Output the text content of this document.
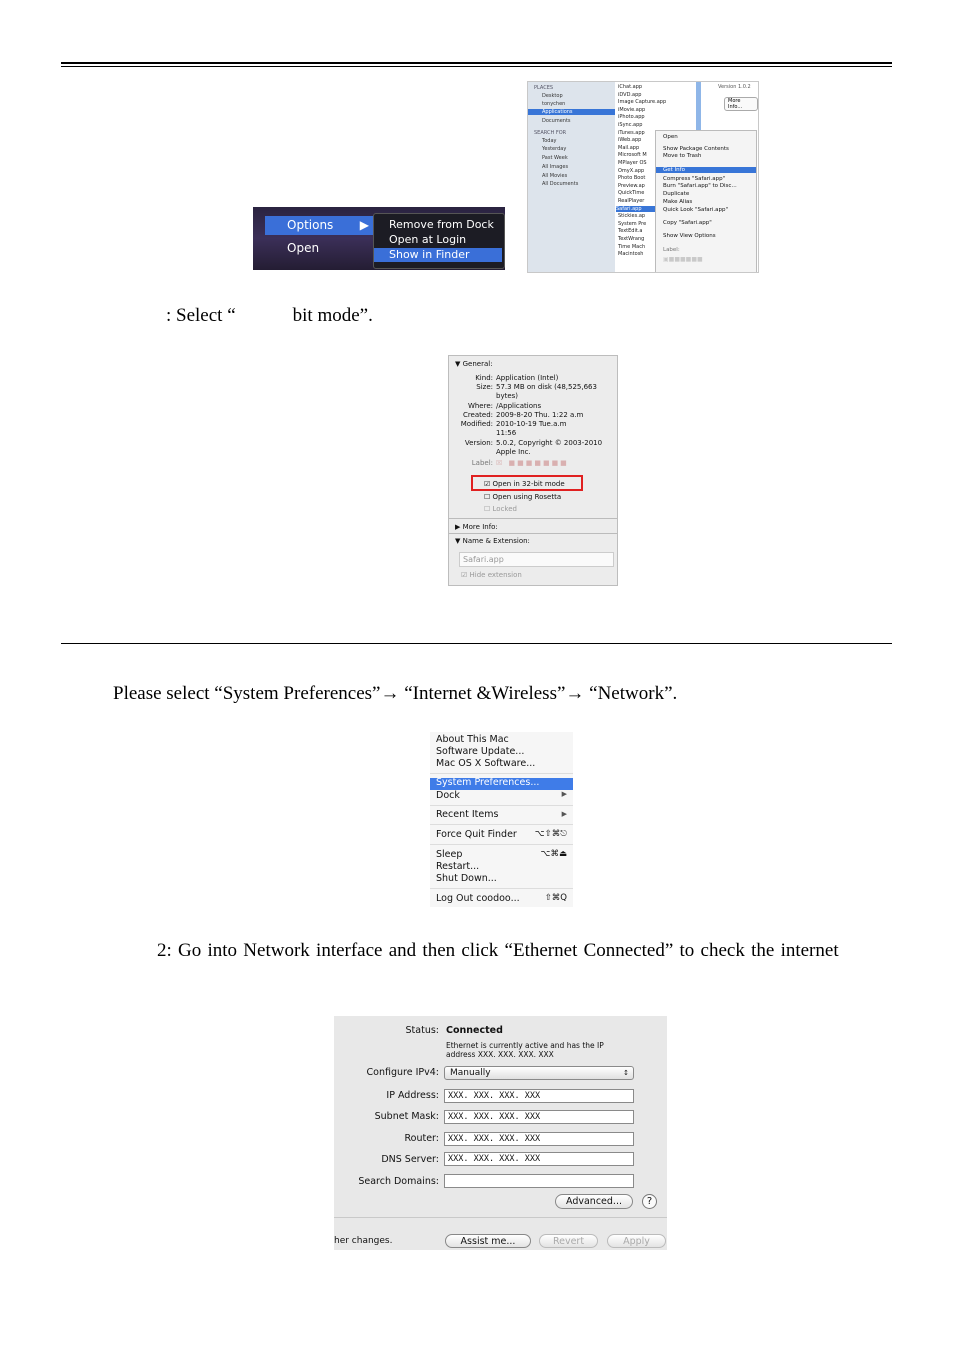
Options ▶
Open
Remove from Dock
Open at Login
Show in Finder
PLACES
Desktop
tonychen
Applications
Documents
SEARCH FOR
Today
Yesterday
Past Week
All Images
All Movies
All Documents
iChat.app
iDVD.app
Image Capture.app
iMovie.app
iPhoto.app
iSync.app
iTunes.app
iWeb.app
Mail.app
Microsoft M
MPlayer OS
OmyX.app
Photo Boot
Preview.ap
QuickTime
RealPlayer
Safari.app
Stickies.ap
System Pre
TextEdit.a
TextWrang
Time Mach
Macintosh
Version 1.0.2
More Info...
Open
Show Package Contents
Move to Trash
Get Info
Compress "Safari.app"
Burn "Safari.app" to Disc...
Duplicate
Make Alias
Quick Look "Safari.app"
Copy "Safari.app"
Show View Options
Label:
▣■■■■■■
: Select “            bit mode”.
▼ General:
Kind: Application (Intel)
Size: 57.3 MB on disk (48,525,663
bytes)
Where: /Applications
Created: 2009-8-20 Thu. 1:22 a.m
Modified: 2010-10-19 Tue.a.m
11:56
Version: 5.0.2, Copyright © 2003-2010
Apple Inc.
Label: ☒ ■■■■■■■
☑ Open in 32-bit mode
☐ Open using Rosetta
☐ Locked
▶ More Info:
▼ Name & Extension:
Safari.app
☑ Hide extension
Please select “System Preferences”→ “Internet &Wireless”→ “Network”.
About This Mac
Software Update...
Mac OS X Software...
System Preferences...
Dock	▶
Recent Items	▶
Force Quit Finder ⌥⇧⌘⎋
Sleep	⌥⌘⏏
Restart...
Shut Down...
Log Out coodoo...	⇧⌘Q
2: Go into Network interface and then click “Ethernet Connected” to check the internet
Status: Connected
Ethernet is currently active and has the IP
address XXX. XXX. XXX. XXX
Configure IPv4:	Manually	↕
IP Address:	XXX. XXX. XXX. XXX
Subnet Mask:	XXX. XXX. XXX. XXX
Router:	XXX. XXX. XXX. XXX
DNS Server:	XXX. XXX. XXX. XXX
Search Domains:
Advanced...	?
her changes.	Assist me...	Revert	Apply
